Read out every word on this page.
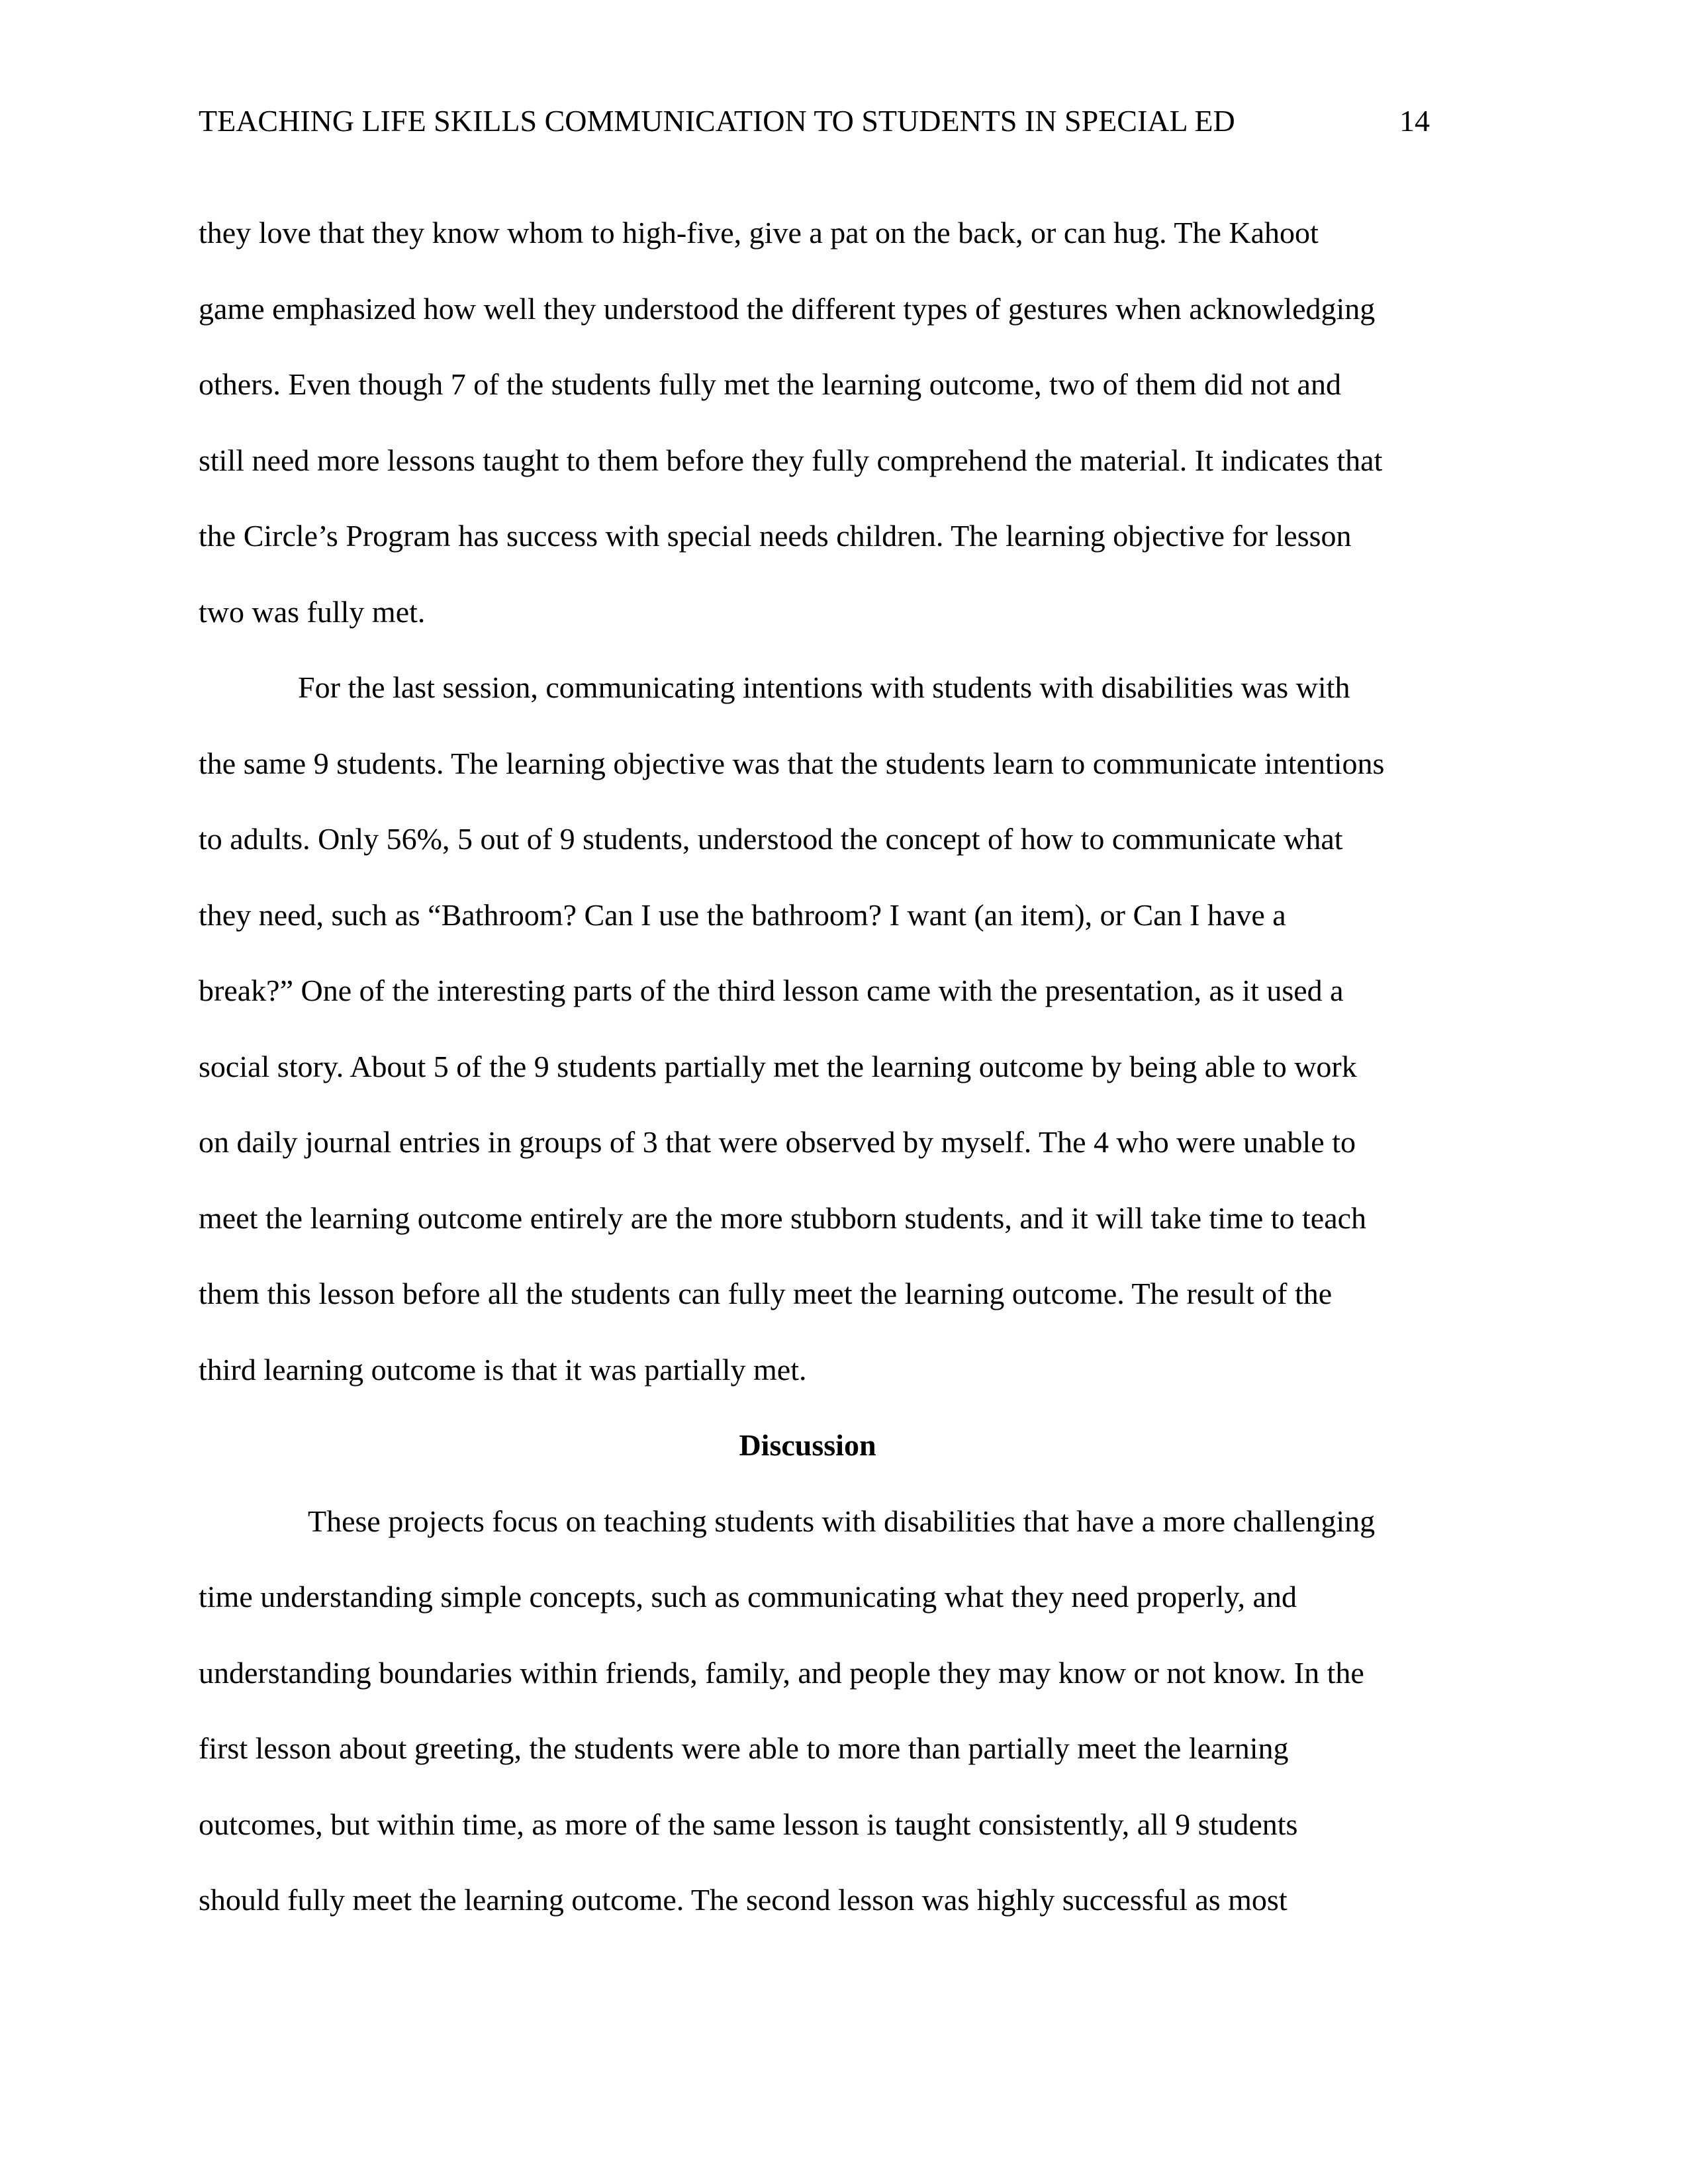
TEACHING LIFE SKILLS COMMUNICATION TO STUDENTS IN SPECIAL ED	14

they love that they know whom to high-five, give a pat on the back, or can hug. The Kahoot
game emphasized how well they understood the different types of gestures when acknowledging
others. Even though 7 of the students fully met the learning outcome, two of them did not and
still need more lessons taught to them before they fully comprehend the material. It indicates that
the Circle’s Program has success with special needs children. The learning objective for lesson
two was fully met.

For the last session, communicating intentions with students with disabilities was with
the same 9 students. The learning objective was that the students learn to communicate intentions
to adults. Only 56%, 5 out of 9 students, understood the concept of how to communicate what
they need, such as “Bathroom? Can I use the bathroom? I want (an item), or Can I have a
break?” One of the interesting parts of the third lesson came with the presentation, as it used a
social story. About 5 of the 9 students partially met the learning outcome by being able to work
on daily journal entries in groups of 3 that were observed by myself. The 4 who were unable to
meet the learning outcome entirely are the more stubborn students, and it will take time to teach
them this lesson before all the students can fully meet the learning outcome. The result of the
third learning outcome is that it was partially met.

Discussion

These projects focus on teaching students with disabilities that have a more challenging
time understanding simple concepts, such as communicating what they need properly, and
understanding boundaries within friends, family, and people they may know or not know. In the
first lesson about greeting, the students were able to more than partially meet the learning
outcomes, but within time, as more of the same lesson is taught consistently, all 9 students
should fully meet the learning outcome. The second lesson was highly successful as most
